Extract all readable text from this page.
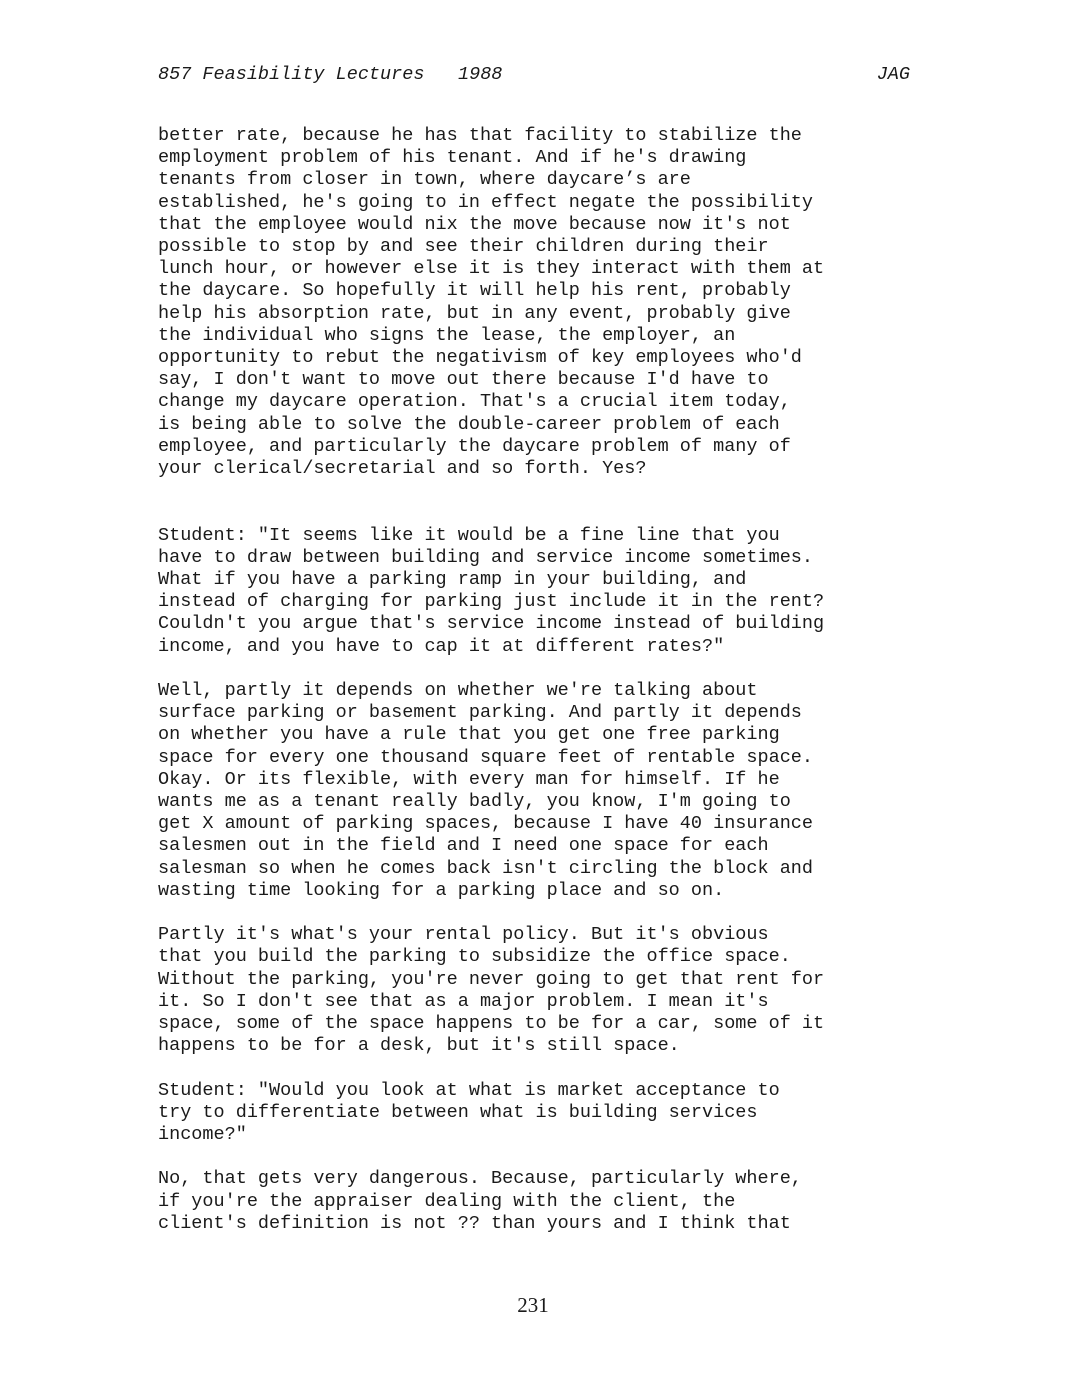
857 Feasibility Lectures 1988	JAG

better rate, because he has that facility to stabilize the
employment problem of his tenant. And if he's drawing
tenants from closer in town, where daycare’s are
established, he's going to in effect negate the possibility
that the employee would nix the move because now it's not
possible to stop by and see their children during their
lunch hour, or however else it is they interact with them at
the daycare. So hopefully it will help his rent, probably
help his absorption rate, but in any event, probably give
the individual who signs the lease, the employer, an
opportunity to rebut the negativism of key employees who'd
say, I don't want to move out there because I'd have to
change my daycare operation. That's a crucial item today,
is being able to solve the double-career problem of each
employee, and particularly the daycare problem of many of
your clerical/secretarial and so forth. Yes?

Student: "It seems like it would be a fine line that you
have to draw between building and service income sometimes.
What if you have a parking ramp in your building, and
instead of charging for parking just include it in the rent?
Couldn't you argue that's service income instead of building
income, and you have to cap it at different rates?"

Well, partly it depends on whether we're talking about
surface parking or basement parking. And partly it depends
on whether you have a rule that you get one free parking
space for every one thousand square feet of rentable space.
Okay. Or its flexible, with every man for himself. If he
wants me as a tenant really badly, you know, I'm going to
get X amount of parking spaces, because I have 40 insurance
salesmen out in the field and I need one space for each
salesman so when he comes back isn't circling the block and
wasting time looking for a parking place and so on.

Partly it's what's your rental policy. But it's obvious
that you build the parking to subsidize the office space.
Without the parking, you're never going to get that rent for
it. So I don't see that as a major problem. I mean it's
space, some of the space happens to be for a car, some of it
happens to be for a desk, but it's still space.

Student: "Would you look at what is market acceptance to
try to differentiate between what is building services
income?"

No, that gets very dangerous. Because, particularly where,
if you're the appraiser dealing with the client, the
client's definition is not ?? than yours and I think that

231
